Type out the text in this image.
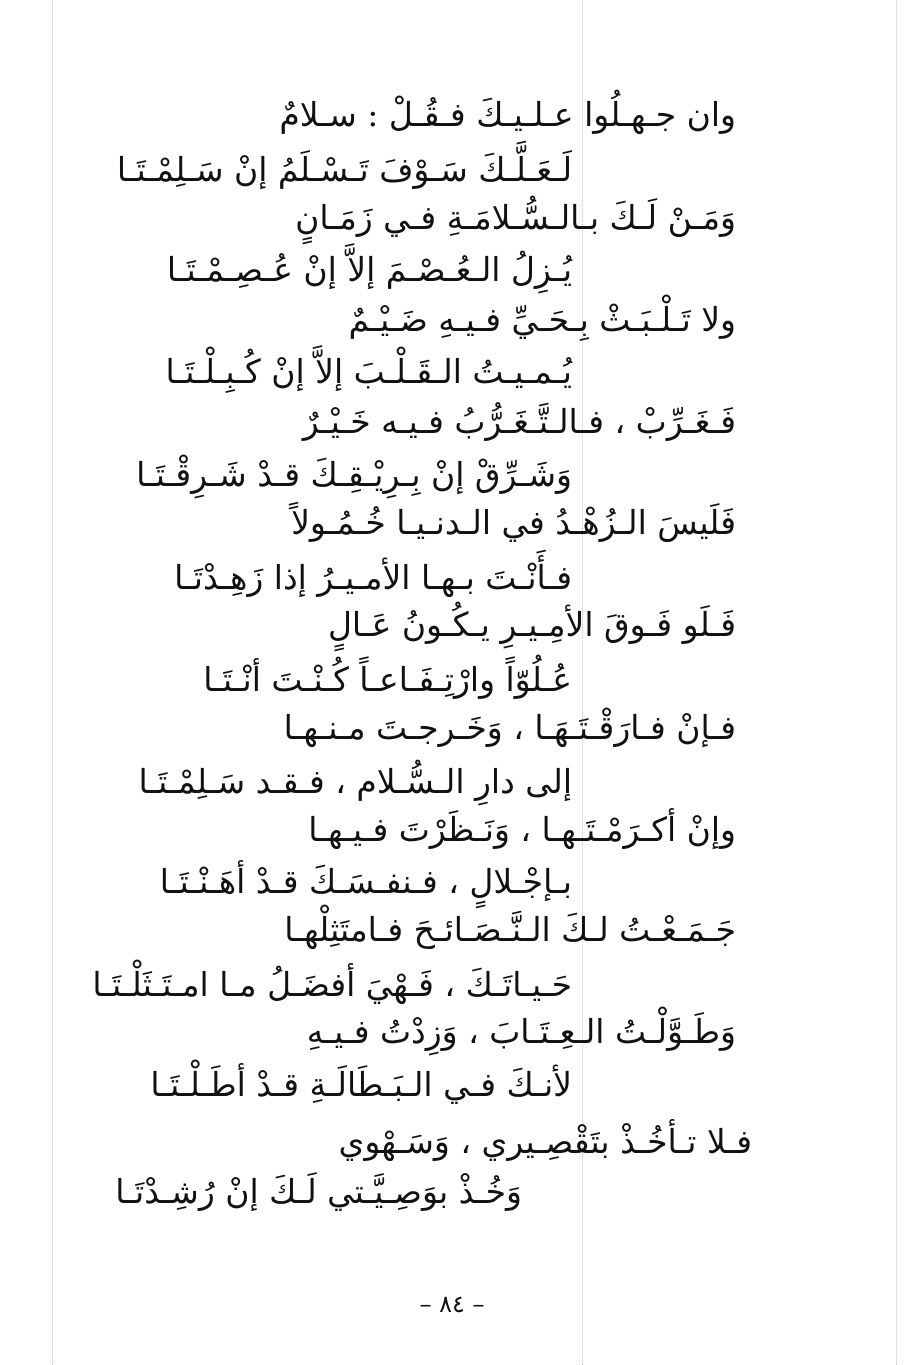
وان جـهـلُوا عـلـيـكَ فـقُـلْ : سـلامٌ
لَـعَـلَّـكَ سَـوْفَ تَـسْـلَمُ إنْ سَـلِمْـتَـا
وَمَـنْ لَـكَ بـالـسُّـلامَـةِ فـي زَمَـانٍ
يُـزِلُ الـعُـصْـمَ إلاَّ إنْ عُـصِـمْـتَـا
ولا تَـلْـبَـثْ بِـحَـيِّ فـيـهِ ضَـيْـمٌ
يُـمـيـتُ الـقَـلْـبَ إلاَّ إنْ كُـبِـلْـتَـا
فَـغَـرِّبْ ، فـالـتَّـغَـرُّبُ فـيـه خَـيْـرٌ
وَشَـرِّقْ إنْ بِـرِيْـقِـكَ قـدْ شَـرِقْـتَـا
فَلَيسَ الـزُهْـدُ في الـدنـيـا خُـمُـولاً
فـأَنْـتَ بـهـا الأمـيـرُ إذا زَهِـدْتَـا
فَـلَو فَـوقَ الأمِـيـرِ يـكُـونُ عَـالٍ
عُـلُوّاً وارْتِـفَـاعـاً كُـنْـتَ أنْـتَـا
فـإنْ فـارَقْـتَـهَـا ، وَخَـرجـتَ مـنـهـا
إلى دارِ الـسُّـلام ، فـقـد سَـلِمْـتَـا
وإنْ أكـرَمْـتَـهـا ، وَنَـظَرْتَ فـيـهـا
بـإجْـلالٍ ، فـنفـسَـكَ قـدْ أهَـنْـتَـا
جَـمَـعْـتُ لـكَ الـنَّـصَـائـحَ فـامتَثِلْهـا
حَـيـاتَـكَ ، فَـهْيَ أفضَـلُ مـا امـتَـثَلْـتَـا
وَطَـوَّلْـتُ الـعِـتَـابَ ، وَزِدْتُ فـيـهِ
لأنـكَ فـي الـبَـطَالَـةِ قـدْ أطَـلْـتَـا
فـلا تـأخُـذْ بتَقْصِـيري ، وَسَـهْوي
وَخُـذْ بوَصِـيَّـتي لَـكَ إنْ رُشِـدْتَـا
– ٨٤ –
